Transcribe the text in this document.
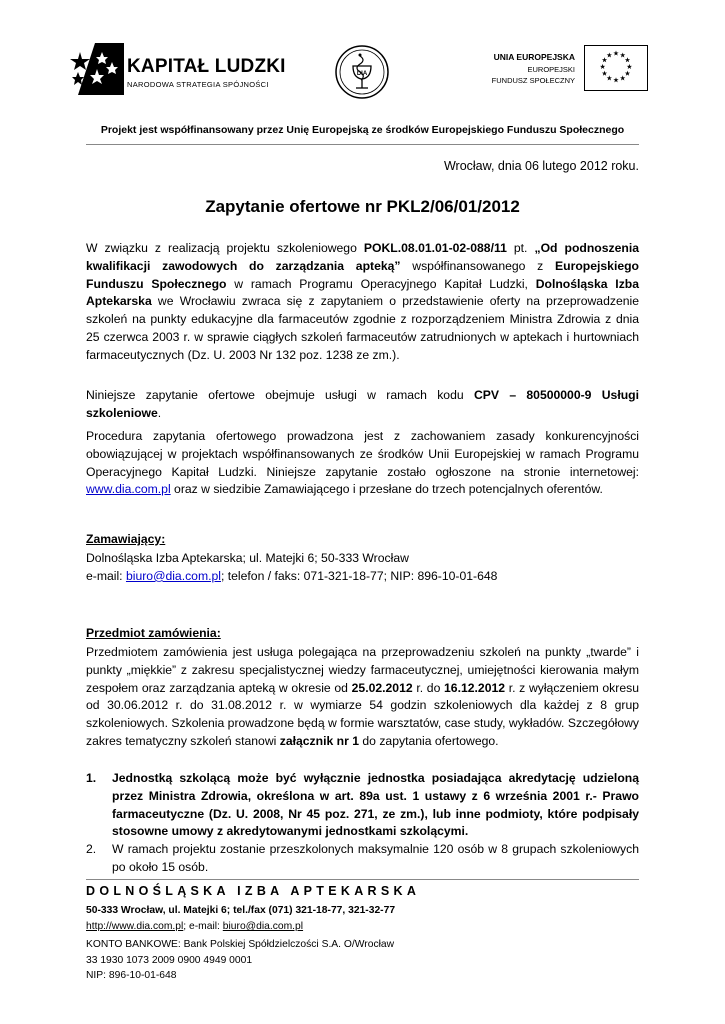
KAPITAŁ LUDZKI
NARODOWA STRATEGIA SPÓJNOŚCI
DIA
UNIA EUROPEJSKA
EUROPEJSKI
FUNDUSZ SPOŁECZNY
Projekt jest współfinansowany przez Unię Europejską ze środków Europejskiego Funduszu Społecznego
Wrocław, dnia 06 lutego 2012 roku.
Zapytanie ofertowe nr PKL2/06/01/2012
W związku z realizacją projektu szkoleniowego POKL.08.01.01-02-088/11 pt. „Od podnoszenia kwalifikacji zawodowych do zarządzania apteką” współfinansowanego z Europejskiego Funduszu Społecznego w ramach Programu Operacyjnego Kapitał Ludzki, Dolnośląska Izba Aptekarska we Wrocławiu zwraca się z zapytaniem o przedstawienie oferty na przeprowadzenie szkoleń na punkty edukacyjne dla farmaceutów zgodnie z rozporządzeniem Ministra Zdrowia z dnia 25 czerwca 2003 r. w sprawie ciągłych szkoleń farmaceutów zatrudnionych w aptekach i hurtowniach farmaceutycznych (Dz. U. 2003 Nr 132 poz. 1238 ze zm.).
Niniejsze zapytanie ofertowe obejmuje usługi w ramach kodu CPV – 80500000-9 Usługi szkoleniowe.
Procedura zapytania ofertowego prowadzona jest z zachowaniem zasady konkurencyjności obowiązującej w projektach współfinansowanych ze środków Unii Europejskiej w ramach Programu Operacyjnego Kapitał Ludzki. Niniejsze zapytanie zostało ogłoszone na stronie internetowej: www.dia.com.pl oraz w siedzibie Zamawiającego i przesłane do trzech potencjalnych oferentów.
Zamawiający:
Dolnośląska Izba Aptekarska; ul. Matejki 6; 50-333 Wrocław
e-mail: biuro@dia.com.pl; telefon / faks: 071-321-18-77; NIP: 896-10-01-648
Przedmiot zamówienia:
Przedmiotem zamówienia jest usługa polegająca na przeprowadzeniu szkoleń na punkty „twarde” i punkty „miękkie” z zakresu specjalistycznej wiedzy farmaceutycznej, umiejętności kierowania małym zespołem oraz zarządzania apteką w okresie od 25.02.2012 r. do 16.12.2012 r. z wyłączeniem okresu od 30.06.2012 r. do 31.08.2012 r. w wymiarze 54 godzin szkoleniowych dla każdej z 8 grup szkoleniowych. Szkolenia prowadzone będą w formie warsztatów, case study, wykładów. Szczegółowy zakres tematyczny szkoleń stanowi załącznik nr 1 do zapytania ofertowego.
1. Jednostką szkolącą może być wyłącznie jednostka posiadająca akredytację udzieloną przez Ministra Zdrowia, określona w art. 89a ust. 1 ustawy z 6 września 2001 r.- Prawo farmaceutyczne (Dz. U. 2008, Nr 45 poz. 271, ze zm.), lub inne podmioty, które podpisały stosowne umowy z akredytowanymi jednostkami szkolącymi.
2. W ramach projektu zostanie przeszkolonych maksymalnie 120 osób w 8 grupach szkoleniowych po około 15 osób.
DOLNOŚLĄSKA IZBA APTEKARSKA
50-333 Wrocław, ul. Matejki 6; tel./fax (071) 321-18-77, 321-32-77
http://www.dia.com.pl; e-mail: biuro@dia.com.pl
KONTO BANKOWE: Bank Polskiej Spółdzielczości S.A. O/Wrocław
33 1930 1073 2009 0900 4949 0001
NIP: 896-10-01-648
